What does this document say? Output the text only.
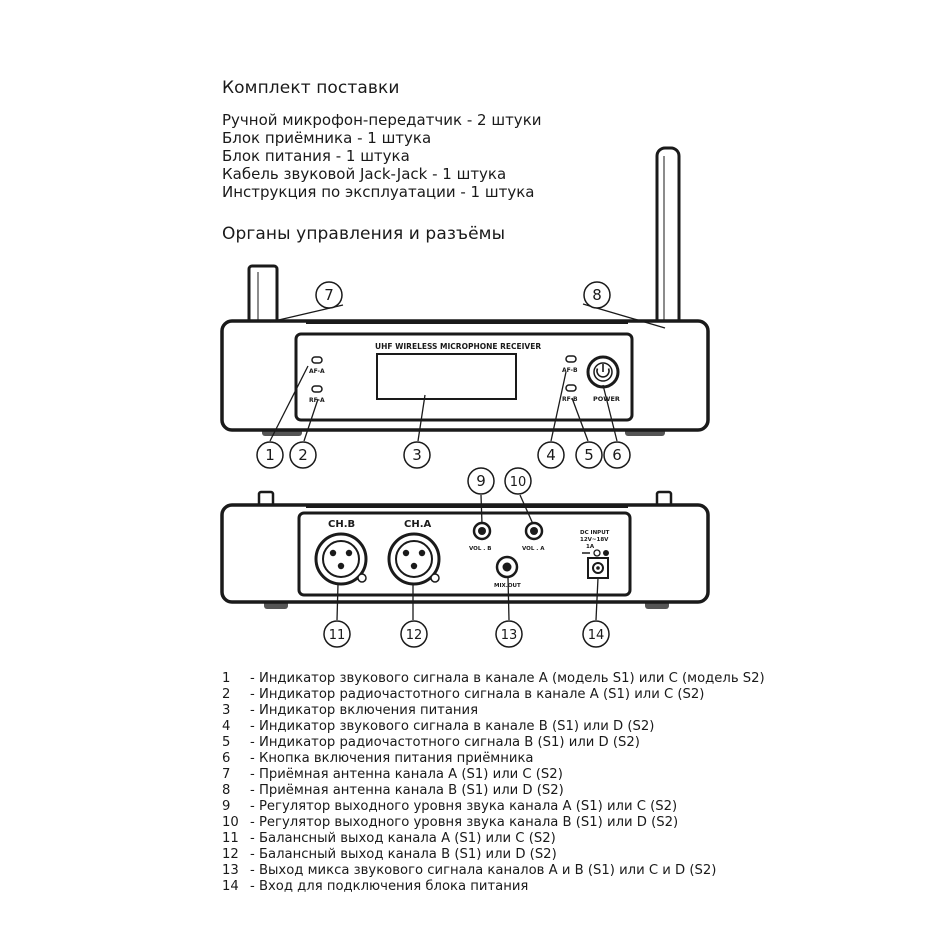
Комплект поставки
Ручной микрофон-передатчик - 2 штуки
Блок приёмника - 1 штука
Блок питания - 1 штука
Кабель звуковой Jack-Jack - 1 штука
Инструкция по эксплуатации - 1 штука
Органы управления и разъёмы
UHF WIRELESS MICROPHONE RECEIVER
AF-A
RF-A
AF-B
RF-B POWER
7	8
1 2	3	4 5 6
CH.B	CH.A
VOL . B	VOL . A
MIX.OUT
DC INPUT
12V~18V
1A
9 10
11	12	13	14
1	- Индикатор звукового сигнала в канале А (модель S1) или С (модель S2)
2	- Индикатор радиочастотного сигнала в канале А (S1) или С (S2)
3	- Индикатор включения питания
4	- Индикатор звукового сигнала в канале В (S1) или D (S2)
5	- Индикатор радиочастотного сигнала В (S1) или D (S2)
6	- Кнопка включения питания приёмника
7	- Приёмная антенна канала А (S1) или С (S2)
8	- Приёмная антенна канала В (S1) или D (S2)
9	- Регулятор выходного уровня звука канала А (S1) или С (S2)
10 - Регулятор выходного уровня звука канала В (S1) или D (S2)
11 - Балансный выход канала А (S1) или С (S2)
12 - Балансный выход канала В (S1) или D (S2)
13 - Выход микса звукового сигнала каналов А и В (S1) или С и D (S2)
14 - Вход для подключения блока питания
